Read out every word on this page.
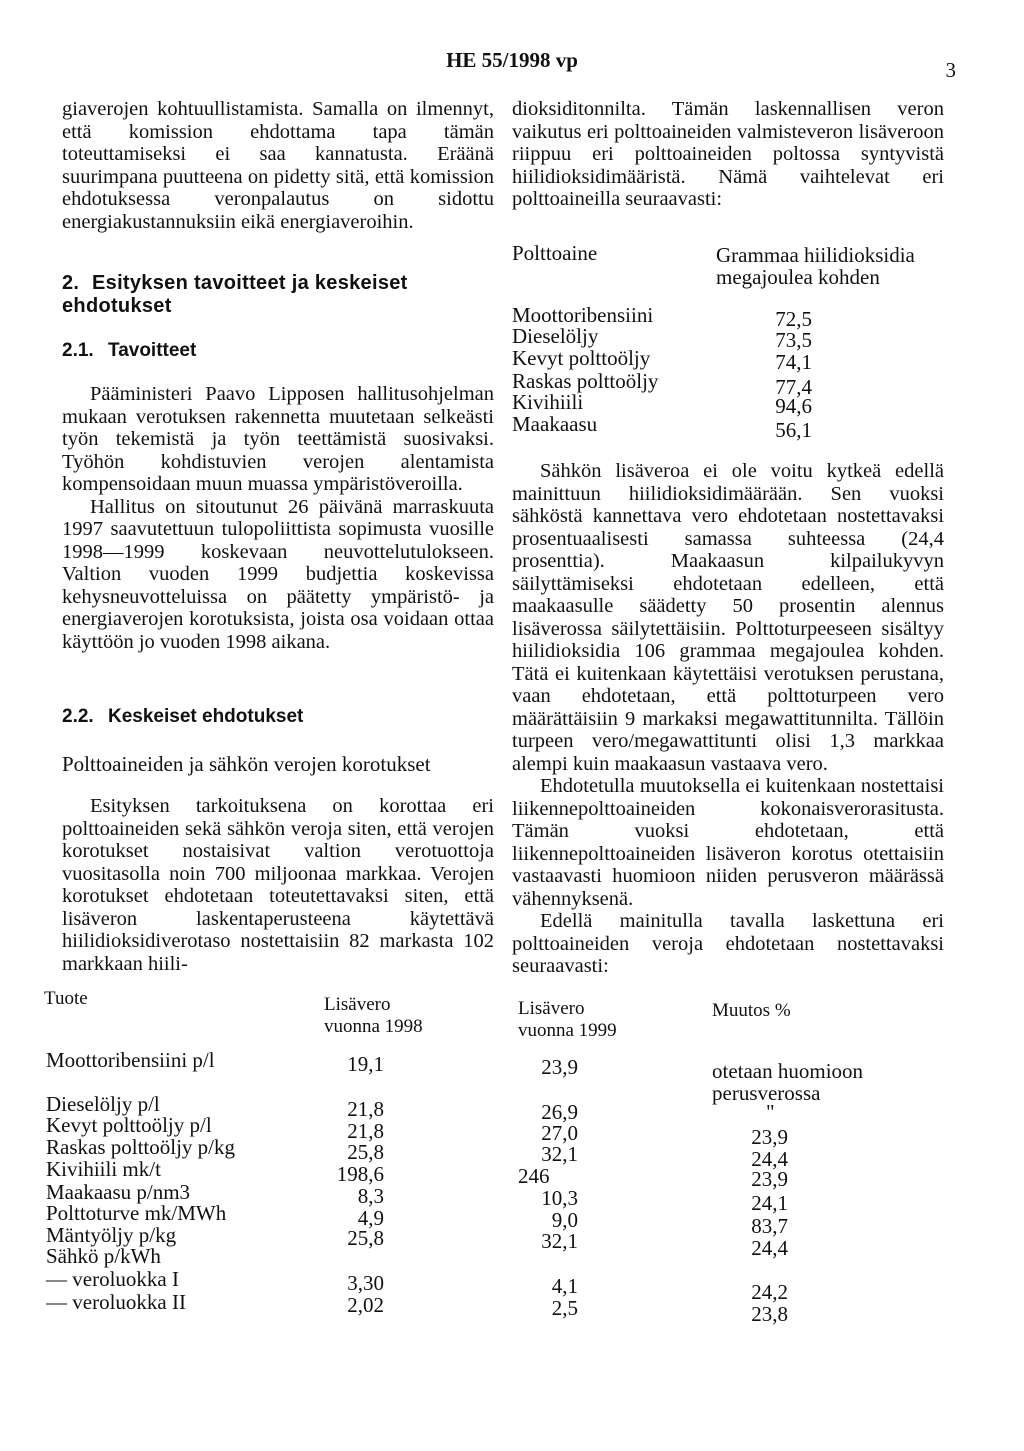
HE 55/1998 vp	3

giaverojen kohtuullistamista. Samalla on ilmennyt, että komission ehdottama tapa tämän toteuttamiseksi ei saa kannatusta. Eräänä suurimpana puutteena on pidetty sitä, että komission ehdotuksessa veronpalautus on sidottu energiakustannuksiin eikä energiaveroihin.

2. Esityksen tavoitteet ja keskeiset ehdotukset
2.1. Tavoitteet

Pääministeri Paavo Lipposen hallitusohjelman mukaan verotuksen rakennetta muutetaan selkeästi työn tekemistä ja työn teettämistä suosivaksi. Työhön kohdistuvien verojen alentamista kompensoidaan muun muassa ympäristöveroilla.

Hallitus on sitoutunut 26 päivänä marraskuuta 1997 saavutettuun tulopoliittista sopimusta vuosille 1998—1999 koskevaan neuvottelutulokseen. Valtion vuoden 1999 budjettia koskevissa kehysneuvotteluissa on päätetty ympäristö- ja energiaverojen korotuksista, joista osa voidaan ottaa käyttöön jo vuoden 1998 aikana.

2.2. Keskeiset ehdotukset
Polttoaineiden ja sähkön verojen korotukset

Esityksen tarkoituksena on korottaa eri polttoaineiden sekä sähkön veroja siten, että verojen korotukset nostaisivat valtion verotuottoja vuositasolla noin 700 miljoonaa markkaa. Verojen korotukset ehdotetaan toteutettavaksi siten, että lisäveron laskentaperusteena käytettävä hiilidioksidiverotaso nostettaisiin 82 markasta 102 markkaan hiili-

dioksiditonnilta. Tämän laskennallisen veron vaikutus eri polttoaineiden valmisteveron lisäveroon riippuu eri polttoaineiden poltossa syntyvistä hiilidioksidimääristä. Nämä vaihtelevat eri polttoaineilla seuraavasti:

Polttoaine	Grammaa hiilidioksidia
megajoulea kohden
Moottoribensiini	72,5
Dieselöljy	73,5
Kevyt polttoöljy	74,1
Raskas polttoöljy	77,4
Kivihiili	94,6
Maakaasu	56,1

Sähkön lisäveroa ei ole voitu kytkeä edellä mainittuun hiilidioksidimäärään. Sen vuoksi sähköstä kannettava vero ehdotetaan nostettavaksi prosentuaalisesti samassa suhteessa (24,4 prosenttia). Maakaasun kilpailukyvyn säilyttämiseksi ehdotetaan edelleen, että maakaasulle säädetty 50 prosentin alennus lisäverossa säilytettäisiin. Polttoturpeeseen sisältyy hiilidioksidia 106 grammaa megajoulea kohden. Tätä ei kuitenkaan käytettäisi verotuksen perustana, vaan ehdotetaan, että polttoturpeen vero määrättäisiin 9 markaksi megawattitunnilta. Tällöin turpeen vero/megawattitunti olisi 1,3 markkaa alempi kuin maakaasun vastaava vero.

Ehdotetulla muutoksella ei kuitenkaan nostettaisi liikennepolttoaineiden kokonaisverorasitusta. Tämän vuoksi ehdotetaan, että liikennepolttoaineiden lisäveron korotus otettaisiin vastaavasti huomioon niiden perusveron määrässä vähennyksenä.

Edellä mainitulla tavalla laskettuna eri polttoaineiden veroja ehdotetaan nostettavaksi seuraavasti:

Tuote	Lisävero
vuonna 1998
Lisävero
vuonna 1999
Muutos %
Moottoribensiini p/l	19,1	23,9	otetaan huomioon
perusverossa
Dieselöljy p/l	21,8	26,9	"
Kevyt polttoöljy p/l	21,8	27,0	23,9
Raskas polttoöljy p/kg	25,8	32,1	24,4
Kivihiili mk/t	198,6	246	23,9
Maakaasu p/nm3	8,3	10,3	24,1
Polttoturve mk/MWh	4,9	9,0	83,7
Mäntyöljy p/kg	25,8	32,1	24,4
Sähkö p/kWh
— veroluokka I	3,30	4,1	24,2
— veroluokka II	2,02	2,5	23,8
